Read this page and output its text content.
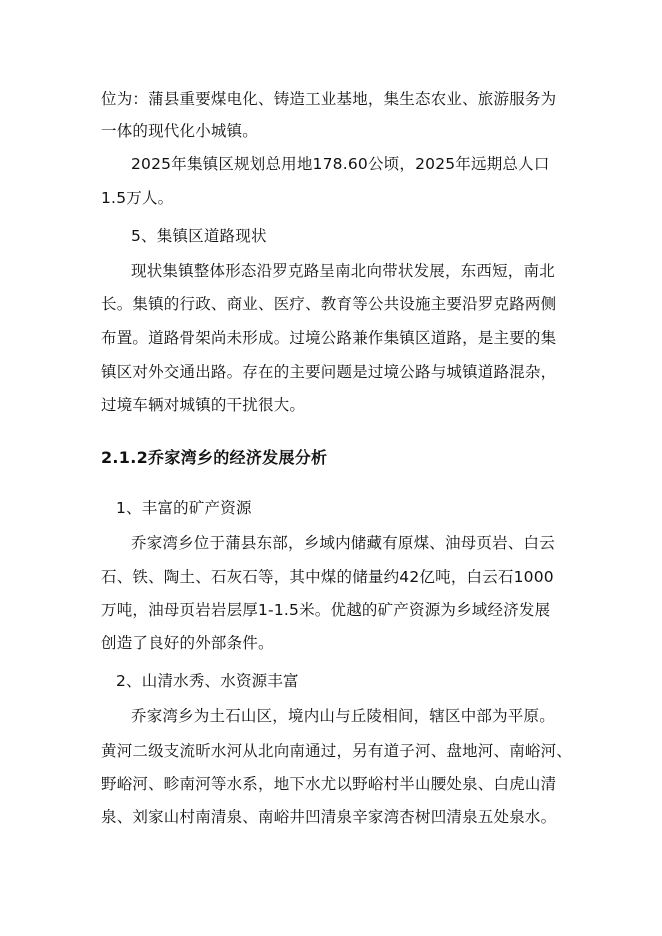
位为：蒲县重要煤电化、铸造工业基地，集生态农业、旅游服务为
一体的现代化小城镇。
2025年集镇区规划总用地178.60公顷，2025年远期总人口
1.5万人。
5、集镇区道路现状
现状集镇整体形态沿罗克路呈南北向带状发展，东西短，南北
长。集镇的行政、商业、医疗、教育等公共设施主要沿罗克路两侧
布置。道路骨架尚未形成。过境公路兼作集镇区道路，是主要的集
镇区对外交通出路。存在的主要问题是过境公路与城镇道路混杂，
过境车辆对城镇的干扰很大。
2.1.2乔家湾乡的经济发展分析
1、丰富的矿产资源
乔家湾乡位于蒲县东部，乡域内储藏有原煤、油母页岩、白云
石、铁、陶土、石灰石等，其中煤的储量约42亿吨，白云石1000
万吨，油母页岩岩层厚1-1.5米。优越的矿产资源为乡域经济发展
创造了良好的外部条件。
2、山清水秀、水资源丰富
乔家湾乡为土石山区，境内山与丘陵相间，辖区中部为平原。
黄河二级支流昕水河从北向南通过，另有道子河、盘地河、南峪河、
野峪河、畛南河等水系，地下水尤以野峪村半山腰处泉、白虎山清
泉、刘家山村南清泉、南峪井凹清泉辛家湾杏树凹清泉五处泉水。
